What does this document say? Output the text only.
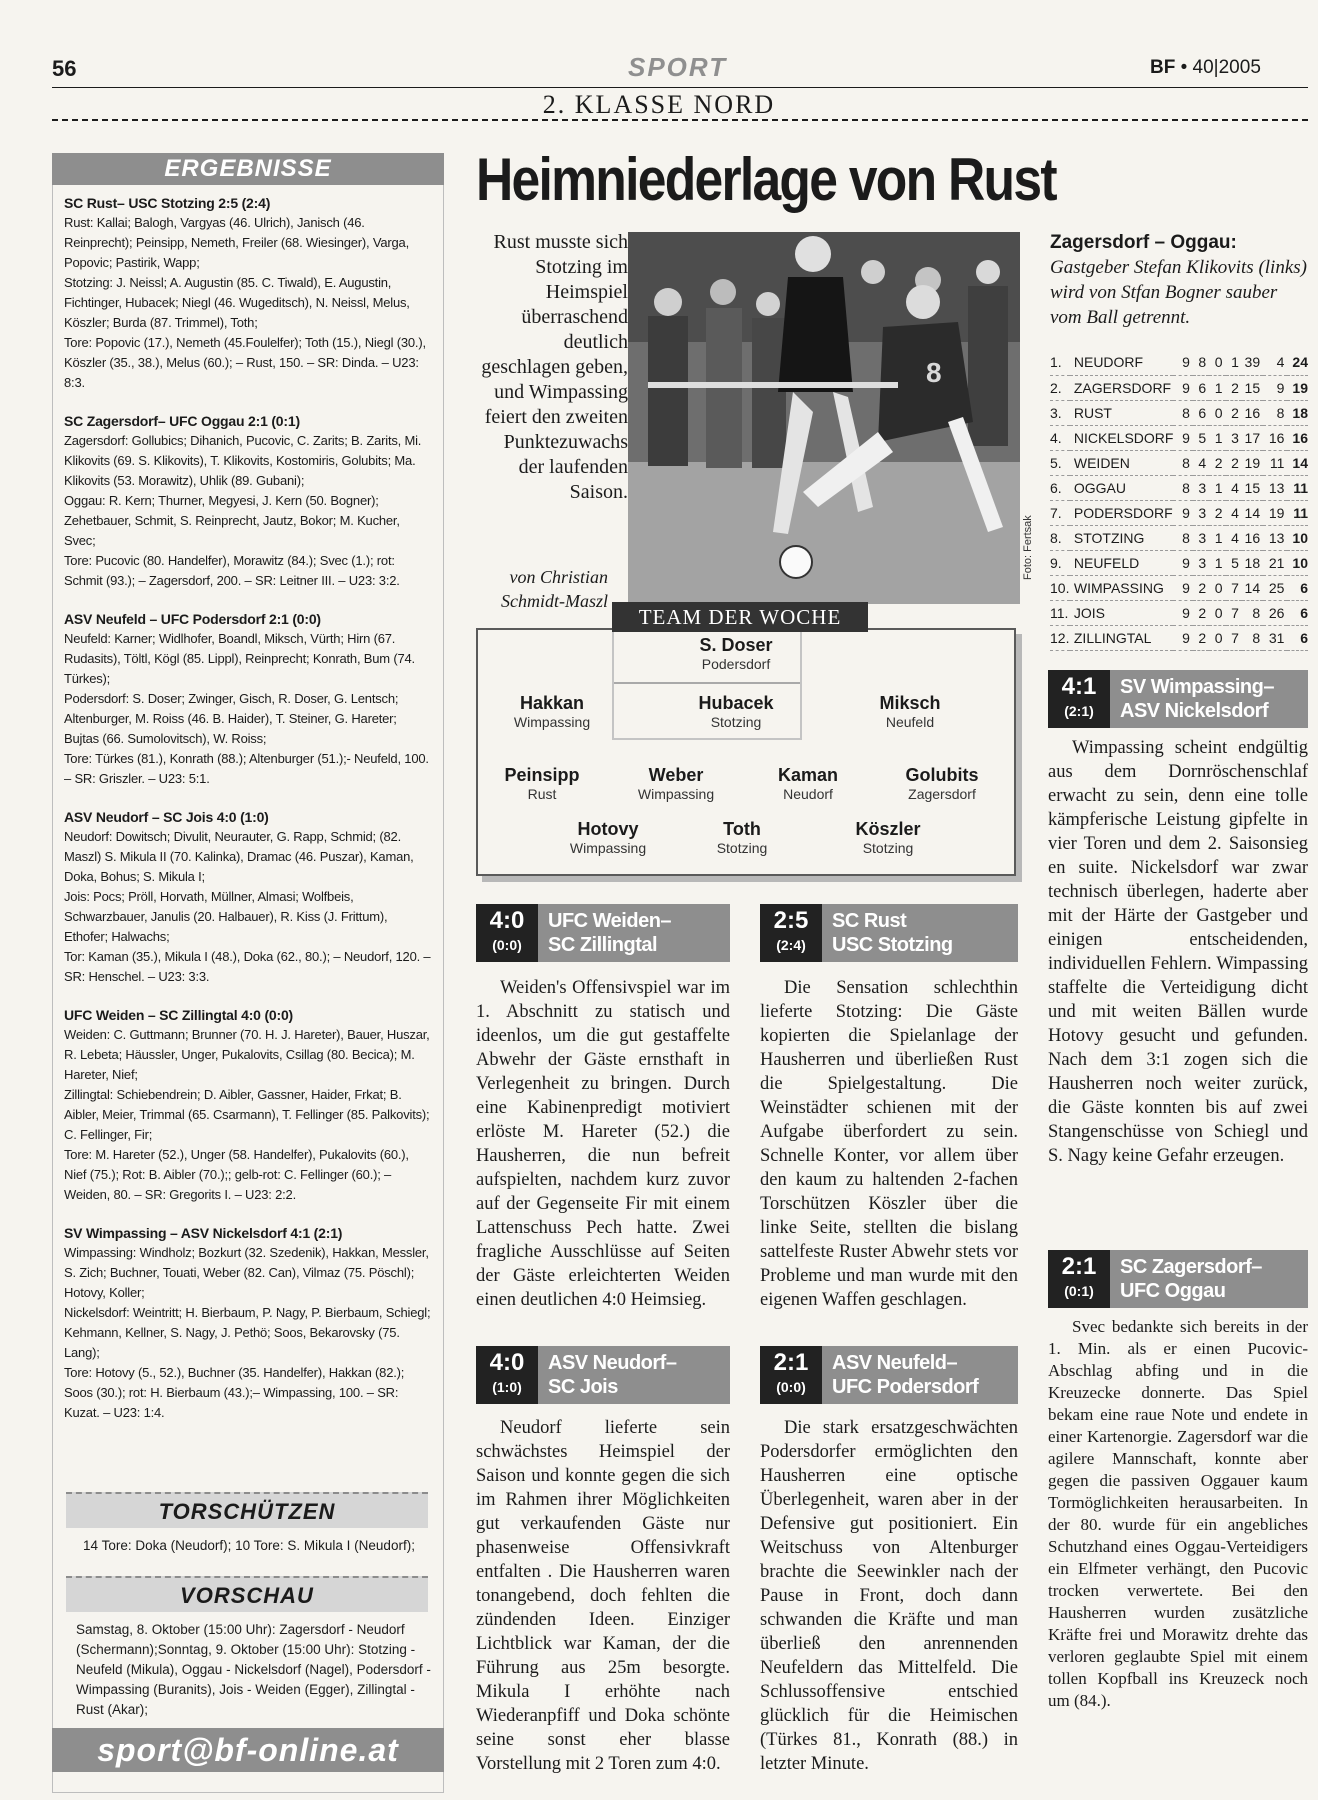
56	SPORT	BF • 40|2005
2. KLASSE NORD
ERGEBNISSE
SC Rust– USC Stotzing 2:5 (2:4)

Rust: Kallai; Balogh, Vargyas (46. Ulrich), Janisch (46. Reinprecht); Peinsipp, Nemeth, Freiler (68. Wiesinger), Varga, Popovic; Pastirik, Wapp;

Stotzing: J. Neissl; A. Augustin (85. C. Tiwald), E. Augustin, Fichtinger, Hubacek; Niegl (46. Wugeditsch), N. Neissl, Melus, Köszler; Burda (87. Trimmel), Toth;

Tore: Popovic (17.), Nemeth (45.Foulelfer); Toth (15.), Niegl (30.), Köszler (35., 38.), Melus (60.); – Rust, 150. – SR: Dinda. – U23: 8:3.

SC Zagersdorf– UFC Oggau 2:1 (0:1)

Zagersdorf: Gollubics; Dihanich, Pucovic, C. Zarits; B. Zarits, Mi. Klikovits (69. S. Klikovits), T. Klikovits, Kostomiris, Golubits; Ma. Klikovits (53. Morawitz), Uhlik (89. Gubani);

Oggau: R. Kern; Thurner, Megyesi, J. Kern (50. Bogner); Zehetbauer, Schmit, S. Reinprecht, Jautz, Bokor; M. Kucher, Svec;

Tore: Pucovic (80. Handelfer), Morawitz (84.); Svec (1.); rot: Schmit (93.); – Zagersdorf, 200. – SR: Leitner III. – U23: 3:2.

ASV Neufeld – UFC Podersdorf 2:1 (0:0)

Neufeld: Karner; Widlhofer, Boandl, Miksch, Vürth; Hirn (67. Rudasits), Töltl, Kögl (85. Lippl), Reinprecht; Konrath, Bum (74. Türkes);

Podersdorf: S. Doser; Zwinger, Gisch, R. Doser, G. Lentsch; Altenburger, M. Roiss (46. B. Haider), T. Steiner, G. Hareter; Bujtas (66. Sumolovitsch), W. Roiss;

Tore: Türkes (81.), Konrath (88.); Altenburger (51.);- Neufeld, 100. – SR: Griszler. – U23: 5:1.

ASV Neudorf – SC Jois 4:0 (1:0)

Neudorf: Dowitsch; Divulit, Neurauter, G. Rapp, Schmid; (82. Maszl) S. Mikula II (70. Kalinka), Dramac (46. Puszar), Kaman, Doka, Bohus; S. Mikula I;

Jois: Pocs; Pröll, Horvath, Müllner, Almasi; Wolfbeis, Schwarzbauer, Janulis (20. Halbauer), R. Kiss (J. Frittum), Ethofer; Halwachs;

Tor: Kaman (35.), Mikula I (48.), Doka (62., 80.); – Neudorf, 120. – SR: Henschel. – U23: 3:3.

UFC Weiden – SC Zillingtal 4:0 (0:0)

Weiden: C. Guttmann; Brunner (70. H. J. Hareter), Bauer, Huszar, R. Lebeta; Häussler, Unger, Pukalovits, Csillag (80. Becica); M. Hareter, Nief;

Zillingtal: Schiebendrein; D. Aibler, Gassner, Haider, Frkat; B. Aibler, Meier, Trimmal (65. Csarmann), T. Fellinger (85. Palkovits); C. Fellinger, Fir;

Tore: M. Hareter (52.), Unger (58. Handelfer), Pukalovits (60.), Nief (75.); Rot: B. Aibler (70.);; gelb-rot: C. Fellinger (60.); – Weiden, 80. – SR: Gregorits I. – U23: 2:2.

SV Wimpassing – ASV Nickelsdorf 4:1 (2:1)

Wimpassing: Windholz; Bozkurt (32. Szedenik), Hakkan, Messler, S. Zich; Buchner, Touati, Weber (82. Can), Vilmaz (75. Pöschl); Hotovy, Koller;

Nickelsdorf: Weintritt; H. Bierbaum, P. Nagy, P. Bierbaum, Schiegl; Kehmann, Kellner, S. Nagy, J. Pethö; Soos, Bekarovsky (75. Lang);

Tore: Hotovy (5., 52.), Buchner (35. Handelfer), Hakkan (82.); Soos (30.); rot: H. Bierbaum (43.);– Wimpassing, 100. – SR: Kuzat. – U23: 1:4.

TORSCHÜTZEN
14 Tore: Doka (Neudorf); 10 Tore: S. Mikula I (Neudorf);
VORSCHAU
Samstag, 8. Oktober (15:00 Uhr): Zagersdorf - Neudorf (Schermann);Sonntag, 9. Oktober (15:00 Uhr): Stotzing - Neufeld (Mikula), Oggau - Nickelsdorf (Nagel), Podersdorf - Wimpassing (Buranits), Jois - Weiden (Egger), Zillingtal - Rust (Akar);
sport@bf-online.at
Heimniederlage von Rust
Rust musste sich Stotzing im Heimspiel überraschend deutlich geschlagen geben, und Wimpassing feiert den zweiten Punktezuwachs der laufenden Saison.
von Christian Schmidt-Maszl
8
Foto: Fertsak
Zagersdorf – Oggau: Gastgeber Stefan Klikovits (links) wird von Stfan Bogner sauber vom Ball getrennt.
1.	NEUDORF	9	8	0	1	39	4	24
2.	ZAGERSDORF	9	6	1	2	15	9	19
3.	RUST	8	6	0	2	16	8	18
4.	NICKELSDORF	9	5	1	3	17	16	16
5.	WEIDEN	8	4	2	2	19	11	14
6.	OGGAU	8	3	1	4	15	13	11
7.	PODERSDORF	9	3	2	4	14	19	11
8.	STOTZING	8	3	1	4	16	13	10
9.	NEUFELD	9	3	1	5	18	21	10
10.	WIMPASSING	9	2	0	7	14	25	6
11.	JOIS	9	2	0	7	8	26	6
12.	ZILLINGTAL	9	2	0	7	8	31	6
TEAM DER WOCHE
S. Doser
Podersdorf
Hakkan
Wimpassing
Hubacek
Stotzing
Miksch
Neufeld
Peinsipp
Rust
Weber
Wimpassing
Kaman
Neudorf
Golubits
Zagersdorf
Hotovy
Wimpassing
Toth
Stotzing
Köszler
Stotzing
4:0
(0:0)
UFC Weiden–
SC Zillingtal

Weiden's Offensivspiel war im 1. Abschnitt zu statisch und ideenlos, um die gut gestaffelte Abwehr der Gäste ernsthaft in Verlegenheit zu bringen. Durch eine Kabinenpredigt motiviert erlöste M. Hareter (52.) die Hausherren, die nun befreit aufspielten, nachdem kurz zuvor auf der Gegenseite Fir mit einem Lattenschuss Pech hatte. Zwei fragliche Ausschlüsse auf Seiten der Gäste erleichterten Weiden einen deutlichen 4:0 Heimsieg.

2:5
(2:4)
SC Rust
USC Stotzing

Die Sensation schlechthin lieferte Stotzing: Die Gäste kopierten die Spielanlage der Hausherren und überließen Rust die Spielgestaltung. Die Weinstädter schienen mit der Aufgabe überfordert zu sein. Schnelle Konter, vor allem über den kaum zu haltenden 2-fachen Torschützen Köszler über die linke Seite, stellten die bislang sattelfeste Ruster Abwehr stets vor Probleme und man wurde mit den eigenen Waffen geschlagen.

4:0
(1:0)
ASV Neudorf–
SC Jois

Neudorf lieferte sein schwächstes Heimspiel der Saison und konnte gegen die sich im Rahmen ihrer Möglichkeiten gut verkaufenden Gäste nur phasenweise Offensivkraft entfalten . Die Hausherren waren tonangebend, doch fehlten die zündenden Ideen. Einziger Lichtblick war Kaman, der die Führung aus 25m besorgte. Mikula I erhöhte nach Wiederanpfiff und Doka schönte seine sonst eher blasse Vorstellung mit 2 Toren zum 4:0.

2:1
(0:0)
ASV Neufeld–
UFC Podersdorf

Die stark ersatzgeschwächten Podersdorfer ermöglichten den Hausherren eine optische Überlegenheit, waren aber in der Defensive gut positioniert. Ein Weitschuss von Altenburger brachte die Seewinkler nach der Pause in Front, doch dann schwanden die Kräfte und man überließ den anrennenden Neufeldern das Mittelfeld. Die Schlussoffensive entschied glücklich für die Heimischen (Türkes 81., Konrath (88.) in letzter Minute.

4:1
(2:1)
SV Wimpassing–
ASV Nickelsdorf

Wimpassing scheint endgültig aus dem Dornröschenschlaf erwacht zu sein, denn eine tolle kämpferische Leistung gipfelte in vier Toren und dem 2. Saisonsieg en suite. Nickelsdorf war zwar technisch überlegen, haderte aber mit der Härte der Gastgeber und einigen entscheidenden, individuellen Fehlern. Wimpassing staffelte die Verteidigung dicht und mit weiten Bällen wurde Hotovy gesucht und gefunden. Nach dem 3:1 zogen sich die Hausherren noch weiter zurück, die Gäste konnten bis auf zwei Stangenschüsse von Schiegl und S. Nagy keine Gefahr erzeugen.

2:1
(0:1)
SC Zagersdorf–
UFC Oggau

Svec bedankte sich bereits in der 1. Min. als er einen Pucovic-Abschlag abfing und in die Kreuzecke donnerte. Das Spiel bekam eine raue Note und endete in einer Kartenorgie. Zagersdorf war die agilere Mannschaft, konnte aber gegen die passiven Oggauer kaum Tormöglichkeiten herausarbeiten. In der 80. wurde für ein angebliches Schutzhand eines Oggau-Verteidigers ein Elfmeter verhängt, den Pucovic trocken verwertete. Bei den Hausherren wurden zusätzliche Kräfte frei und Morawitz drehte das verloren geglaubte Spiel mit einem tollen Kopfball ins Kreuzeck noch um (84.).
